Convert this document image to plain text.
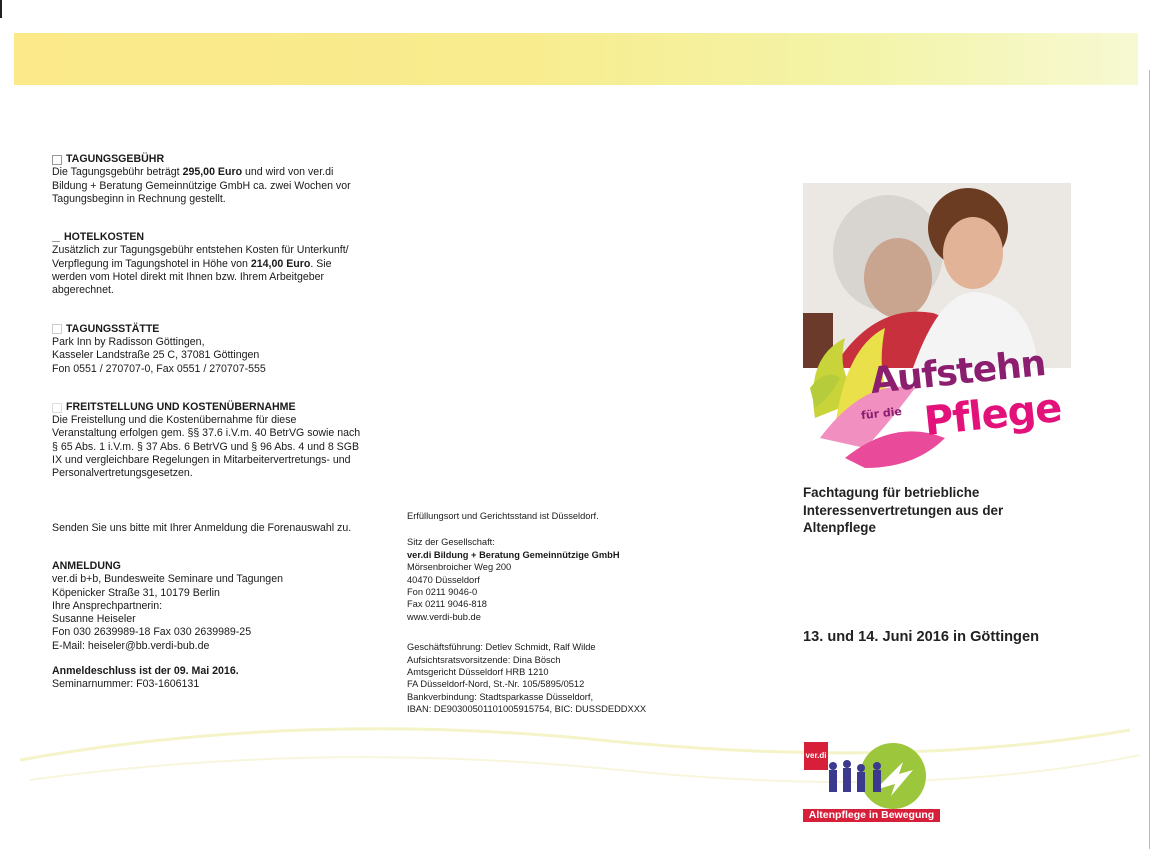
TAGUNGSGEBÜHR

Die Tagungsgebühr beträgt 295,00 Euro und wird von ver.di Bildung + Beratung Gemeinnützige GmbH ca. zwei Wochen vor Tagungsbeginn in Rechnung gestellt.

HOTELKOSTEN

Zusätzlich zur Tagungsgebühr entstehen Kosten für Unterkunft/ Verpflegung im Tagungshotel in Höhe von 214,00 Euro. Sie werden vom Hotel direkt mit Ihnen bzw. Ihrem Arbeitgeber abgerechnet.

TAGUNGSSTÄTTE

Park Inn by Radisson Göttingen,

Kasseler Landstraße 25 C, 37081 Göttingen

Fon 0551 / 270707-0, Fax 0551 / 270707-555

FREITSTELLUNG UND KOSTENÜBERNAHME

Die Freistellung und die Kostenübernahme für diese Veranstaltung erfolgen gem. §§ 37.6 i.V.m. 40 BetrVG sowie nach § 65 Abs. 1 i.V.m. § 37 Abs. 6 BetrVG und § 96 Abs. 4 und 8 SGB IX und vergleichbare Regelungen in Mitarbeitervertretungs- und Personalvertretungsgesetzen.

Senden Sie uns bitte mit Ihrer Anmeldung die Forenauswahl zu.

ANMELDUNG

ver.di b+b, Bundesweite Seminare und Tagungen

Köpenicker Straße 31, 10179 Berlin

Ihre Ansprechpartnerin:

Susanne Heiseler

Fon 030 2639989-18 Fax 030 2639989-25

E-Mail: heiseler@bb.verdi-bub.de

Anmeldeschluss ist der 09. Mai 2016.

Seminarnummer: F03-1606131

Erfüllungsort und Gerichtsstand ist Düsseldorf.

Sitz der Gesellschaft:

ver.di Bildung + Beratung Gemeinnützige GmbH

Mörsenbroicher Weg 200

40470 Düsseldorf

Fon 0211 9046-0

Fax 0211 9046-818

www.verdi-bub.de

Geschäftsführung: Detlev Schmidt, Ralf Wilde

Aufsichtsratsvorsitzende: Dina Bösch

Amtsgericht Düsseldorf HRB 1210

FA Düsseldorf-Nord, St.-Nr. 105/5895/0512

Bankverbindung: Stadtsparkasse Düsseldorf,

IBAN: DE90300501101005915754, BIC: DUSSDEDDXXX

Aufstehn
für die Pflege
Fachtagung für betriebliche Interessenvertretungen aus der Altenpflege
13. und 14. Juni 2016 in Göttingen
ver.di
Altenpflege in Bewegung
